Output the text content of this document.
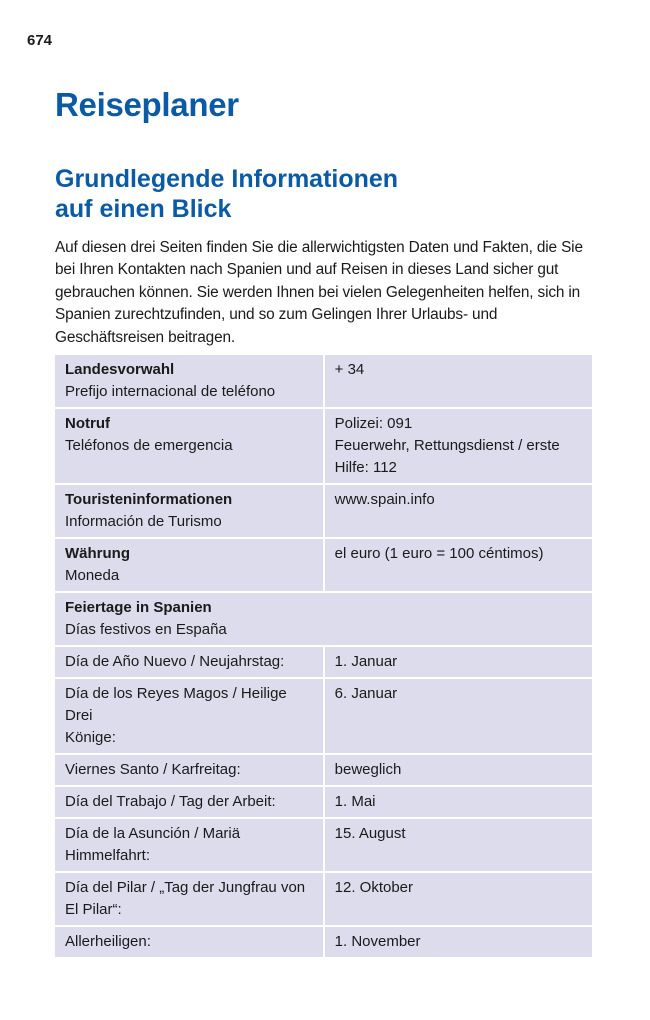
674
Reiseplaner
Grundlegende Informationen
auf einen Blick

Auf diesen drei Seiten finden Sie die allerwichtigsten Daten und Fakten, die Sie bei Ihren Kontakten nach Spanien und auf Reisen in dieses Land sicher gut gebrauchen können. Sie werden Ihnen bei vielen Gelegenheiten helfen, sich in Spanien zurechtzufinden, und so zum Gelingen Ihrer Urlaubs- und Geschäftsreisen beitragen.

Landesvorwahl
Prefijo internacional de teléfono	+ 34

Notruf
Teléfonos de emergencia	Polizei: 091
Feuerwehr, Rettungsdienst / erste Hilfe: 112

Touristeninformationen
Información de Turismo	www.spain.info

Währung
Moneda	el euro (1 euro = 100 céntimos)

Feiertage in Spanien
Días festivos en España	
Día de Año Nuevo / Neujahrstag:	1. Januar

Día de los Reyes Magos / Heilige Drei
Könige:	6. Januar
Viernes Santo / Karfreitag:	beweglich
Día del Trabajo / Tag der Arbeit:	1. Mai
Día de la Asunción / Mariä Himmelfahrt:	15. August
Día del Pilar / „Tag der Jungfrau von El Pilar“:	12. Oktober
Allerheiligen:	1. November
